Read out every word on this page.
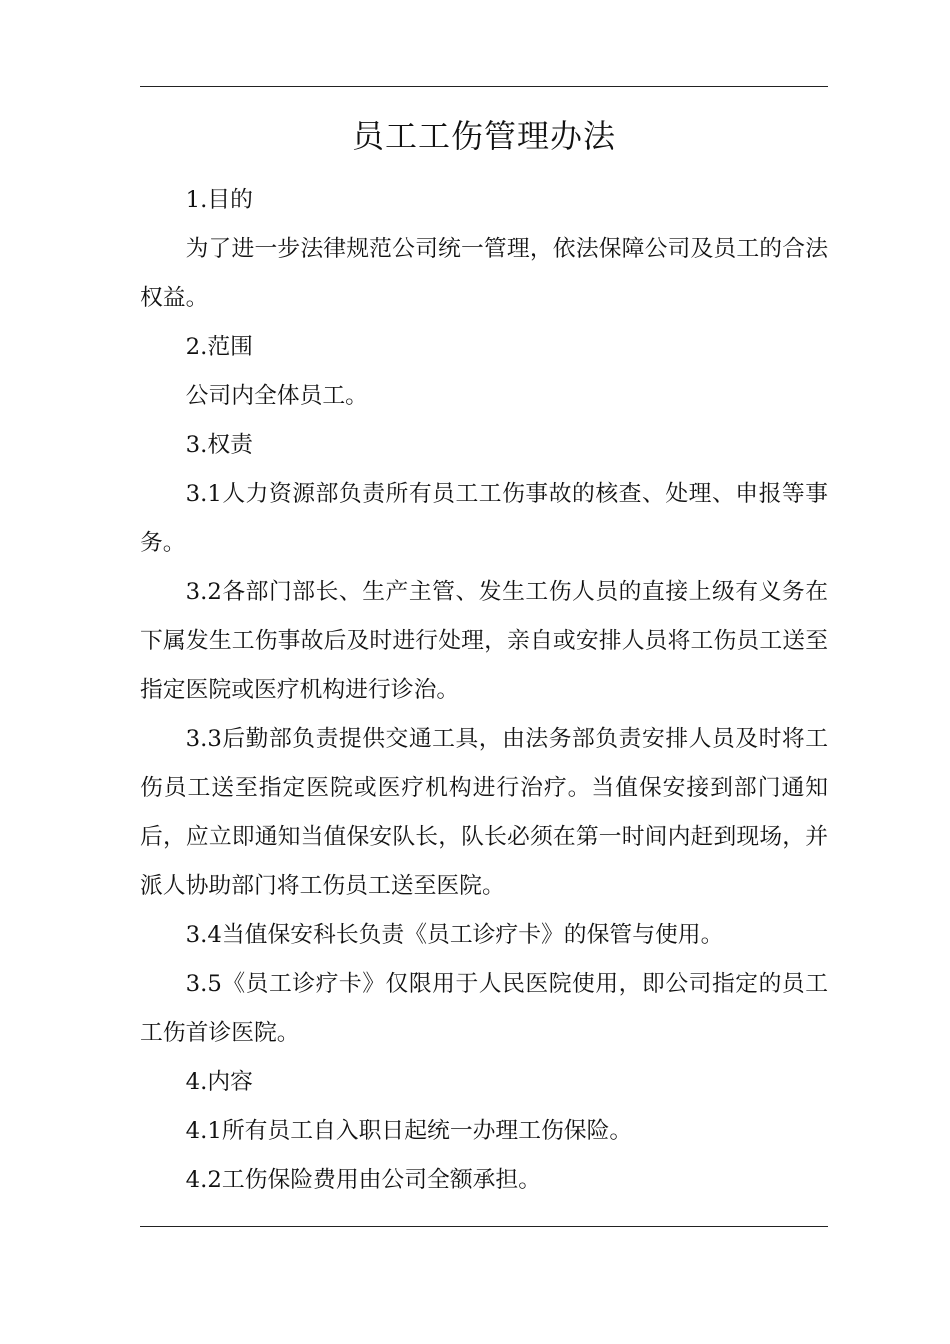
员工工伤管理办法

1.目的

为了进一步法律规范公司统一管理，依法保障公司及员工的合法权益。

2.范围

公司内全体员工。

3.权责

3.1人力资源部负责所有员工工伤事故的核查、处理、申报等事务。

3.2各部门部长、生产主管、发生工伤人员的直接上级有义务在下属发生工伤事故后及时进行处理，亲自或安排人员将工伤员工送至指定医院或医疗机构进行诊治。

3.3后勤部负责提供交通工具，由法务部负责安排人员及时将工伤员工送至指定医院或医疗机构进行治疗。当值保安接到部门通知后，应立即通知当值保安队长，队长必须在第一时间内赶到现场，并派人协助部门将工伤员工送至医院。

3.4当值保安科长负责《员工诊疗卡》的保管与使用。

3.5《员工诊疗卡》仅限用于人民医院使用，即公司指定的员工工伤首诊医院。

4.内容

4.1所有员工自入职日起统一办理工伤保险。

4.2工伤保险费用由公司全额承担。
